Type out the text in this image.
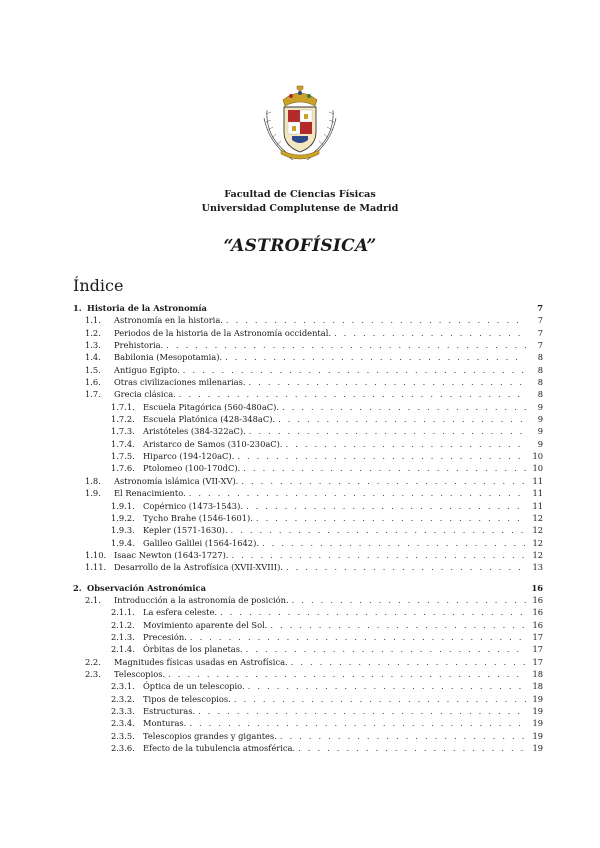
Facultad de Ciencias Físicas
Universidad Complutense de Madrid
“ASTROFÍSICA”
Índice
1. Historia de la Astronomía	7
1.1.	Astronomía en la historia. . . .	7
1.2.	Periodos de la historia de la Astronomía occidental. . . .	7
1.3.	Prehistoria. . . .	7
1.4.	Babilonia (Mesopotamia). . . .	8
1.5.	Antiguo Egipto. . . .	8
1.6.	Otras civilizaciones milenarias. . . .	8
1.7.	Grecia clásica. . . .	8
1.7.1. Escuela Pitagórica (560-480aC). . . .	9
1.7.2. Escuela Platónica (428-348aC). . . .	9
1.7.3. Aristóteles (384-322aC). . . .	9
1.7.4. Aristarco de Samos (310-230aC). . . .	9
1.7.5. Hiparco (194-120aC). . . .	10
1.7.6. Ptolomeo (100-170dC). . . .	10
1.8.	Astronomía islámica (VII-XV). . . .	11
1.9.	El Renacimiento. . . .	11
1.9.1. Copérnico (1473-1543). . . .	11
1.9.2. Tycho Brahe (1546-1601). . . .	12
1.9.3. Kepler (1571-1630). . . .	12
1.9.4. Galileo Galilei (1564-1642). . . .	12
1.10. Isaac Newton (1643-1727). . . .	12
1.11. Desarrollo de la Astrofísica (XVII-XVIII). . . .	13
2. Observación Astronómica	16
2.1.	Introducción a la astronomía de posición. . . .	16
2.1.1. La esfera celeste. . . .	16
2.1.2. Movimiento aparente del Sol. . . .	16
2.1.3. Precesión. . . .	17
2.1.4. Órbitas de los planetas. . . .	17
2.2.	Magnitudes físicas usadas en Astrofísica. . . .	17
2.3.	Telescopios. . . .	18
2.3.1. Óptica de un telescopio. . . .	18
2.3.2. Tipos de telescopios. . . .	19
2.3.3. Estructuras. . . .	19
2.3.4. Monturas. . . .	19
2.3.5. Telescopios grandes y gigantes. . . .	19
2.3.6. Efecto de la tubulencia atmosférica. . . .	19
